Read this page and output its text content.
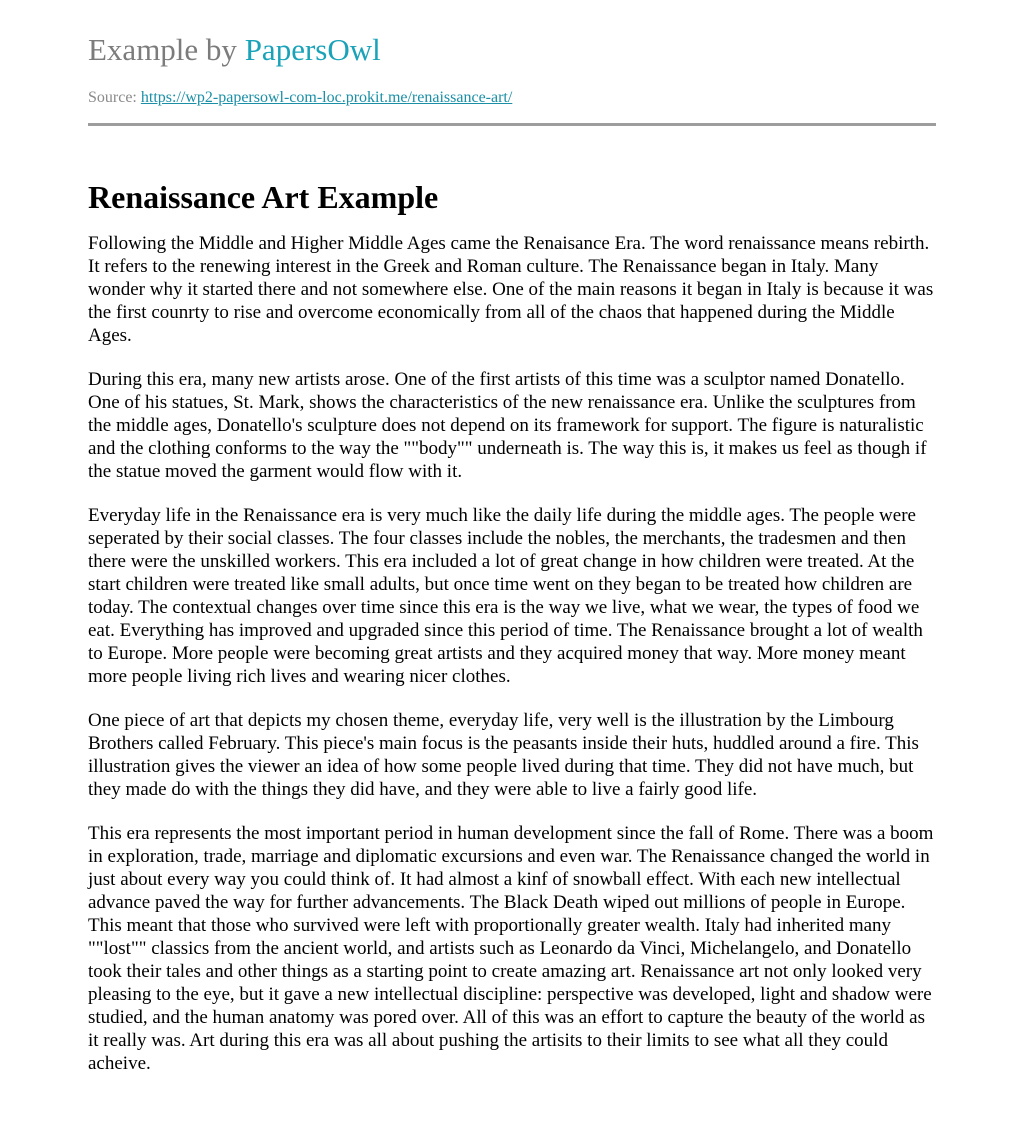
Example by PapersOwl
Source: https://wp2-papersowl-com-loc.prokit.me/renaissance-art/
Renaissance Art Example

Following the Middle and Higher Middle Ages came the Renaisance Era. The word renaissance means rebirth. It refers to the renewing interest in the Greek and Roman culture. The Renaissance began in Italy. Many wonder why it started there and not somewhere else. One of the main reasons it began in Italy is because it was the first counrty to rise and overcome economically from all of the chaos that happened during the Middle Ages.

During this era, many new artists arose. One of the first artists of this time was a sculptor named Donatello. One of his statues, St. Mark, shows the characteristics of the new renaissance era. Unlike the sculptures from the middle ages, Donatello's sculpture does not depend on its framework for support. The figure is naturalistic and the clothing conforms to the way the ""body"" underneath is. The way this is, it makes us feel as though if the statue moved the garment would flow with it.

Everyday life in the Renaissance era is very much like the daily life during the middle ages. The people were seperated by their social classes. The four classes include the nobles, the merchants, the tradesmen and then there were the unskilled workers. This era included a lot of great change in how children were treated. At the start children were treated like small adults, but once time went on they began to be treated how children are today. The contextual changes over time since this era is the way we live, what we wear, the types of food we eat. Everything has improved and upgraded since this period of time. The Renaissance brought a lot of wealth to Europe. More people were becoming great artists and they acquired money that way. More money meant more people living rich lives and wearing nicer clothes.

One piece of art that depicts my chosen theme, everyday life, very well is the illustration by the Limbourg Brothers called February. This piece's main focus is the peasants inside their huts, huddled around a fire. This illustration gives the viewer an idea of how some people lived during that time. They did not have much, but they made do with the things they did have, and they were able to live a fairly good life.

This era represents the most important period in human development since the fall of Rome. There was a boom in exploration, trade, marriage and diplomatic excursions and even war. The Renaissance changed the world in just about every way you could think of. It had almost a kinf of snowball effect. With each new intellectual advance paved the way for further advancements. The Black Death wiped out millions of people in Europe. This meant that those who survived were left with proportionally greater wealth. Italy had inherited many ""lost"" classics from the ancient world, and artists such as Leonardo da Vinci, Michelangelo, and Donatello took their tales and other things as a starting point to create amazing art. Renaissance art not only looked very pleasing to the eye, but it gave a new intellectual discipline: perspective was developed, light and shadow were studied, and the human anatomy was pored over. All of this was an effort to capture the beauty of the world as it really was. Art during this era was all about pushing the artisits to their limits to see what all they could acheive.
